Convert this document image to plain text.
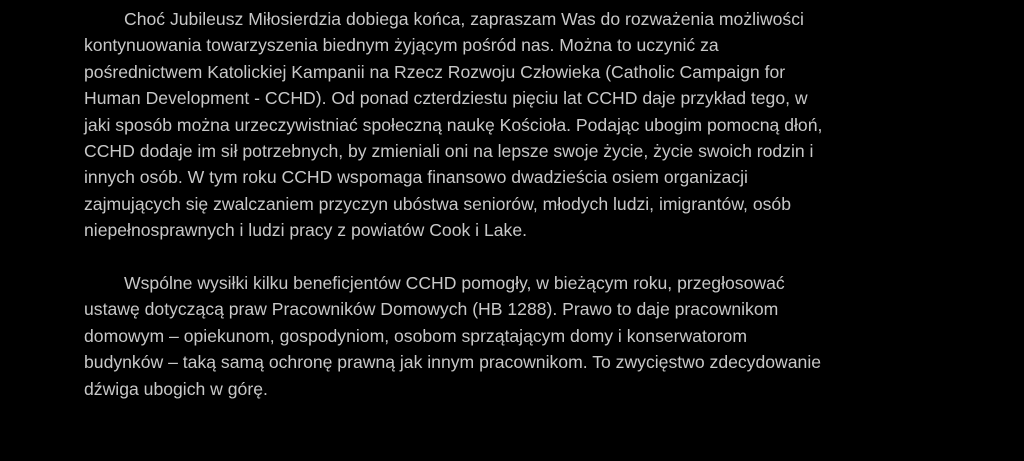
Choć Jubileusz Miłosierdzia dobiega końca, zapraszam Was do rozważenia możliwości
kontynuowania towarzyszenia biednym żyjącym pośród nas. Można to uczynić za
pośrednictwem Katolickiej Kampanii na Rzecz Rozwoju Człowieka (Catholic Campaign for
Human Development - CCHD). Od ponad czterdziestu pięciu lat CCHD daje przykład tego, w
jaki sposób można urzeczywistniać społeczną naukę Kościoła. Podając ubogim pomocną dłoń,
CCHD dodaje im sił potrzebnych, by zmieniali oni na lepsze swoje życie, życie swoich rodzin i
innych osób. W tym roku CCHD wspomaga finansowo dwadzieścia osiem organizacji
zajmujących się zwalczaniem przyczyn ubóstwa seniorów, młodych ludzi, imigrantów, osób
niepełnosprawnych i ludzi pracy z powiatów Cook i Lake.
Wspólne wysiłki kilku beneficjentów CCHD pomogły, w bieżącym roku, przegłosować
ustawę dotyczącą praw Pracowników Domowych (HB 1288). Prawo to daje pracownikom
domowym – opiekunom, gospodyniom, osobom sprzątającym domy i konserwatorom
budynków – taką samą ochronę prawną jak innym pracownikom. To zwycięstwo zdecydowanie
dźwiga ubogich w górę.
